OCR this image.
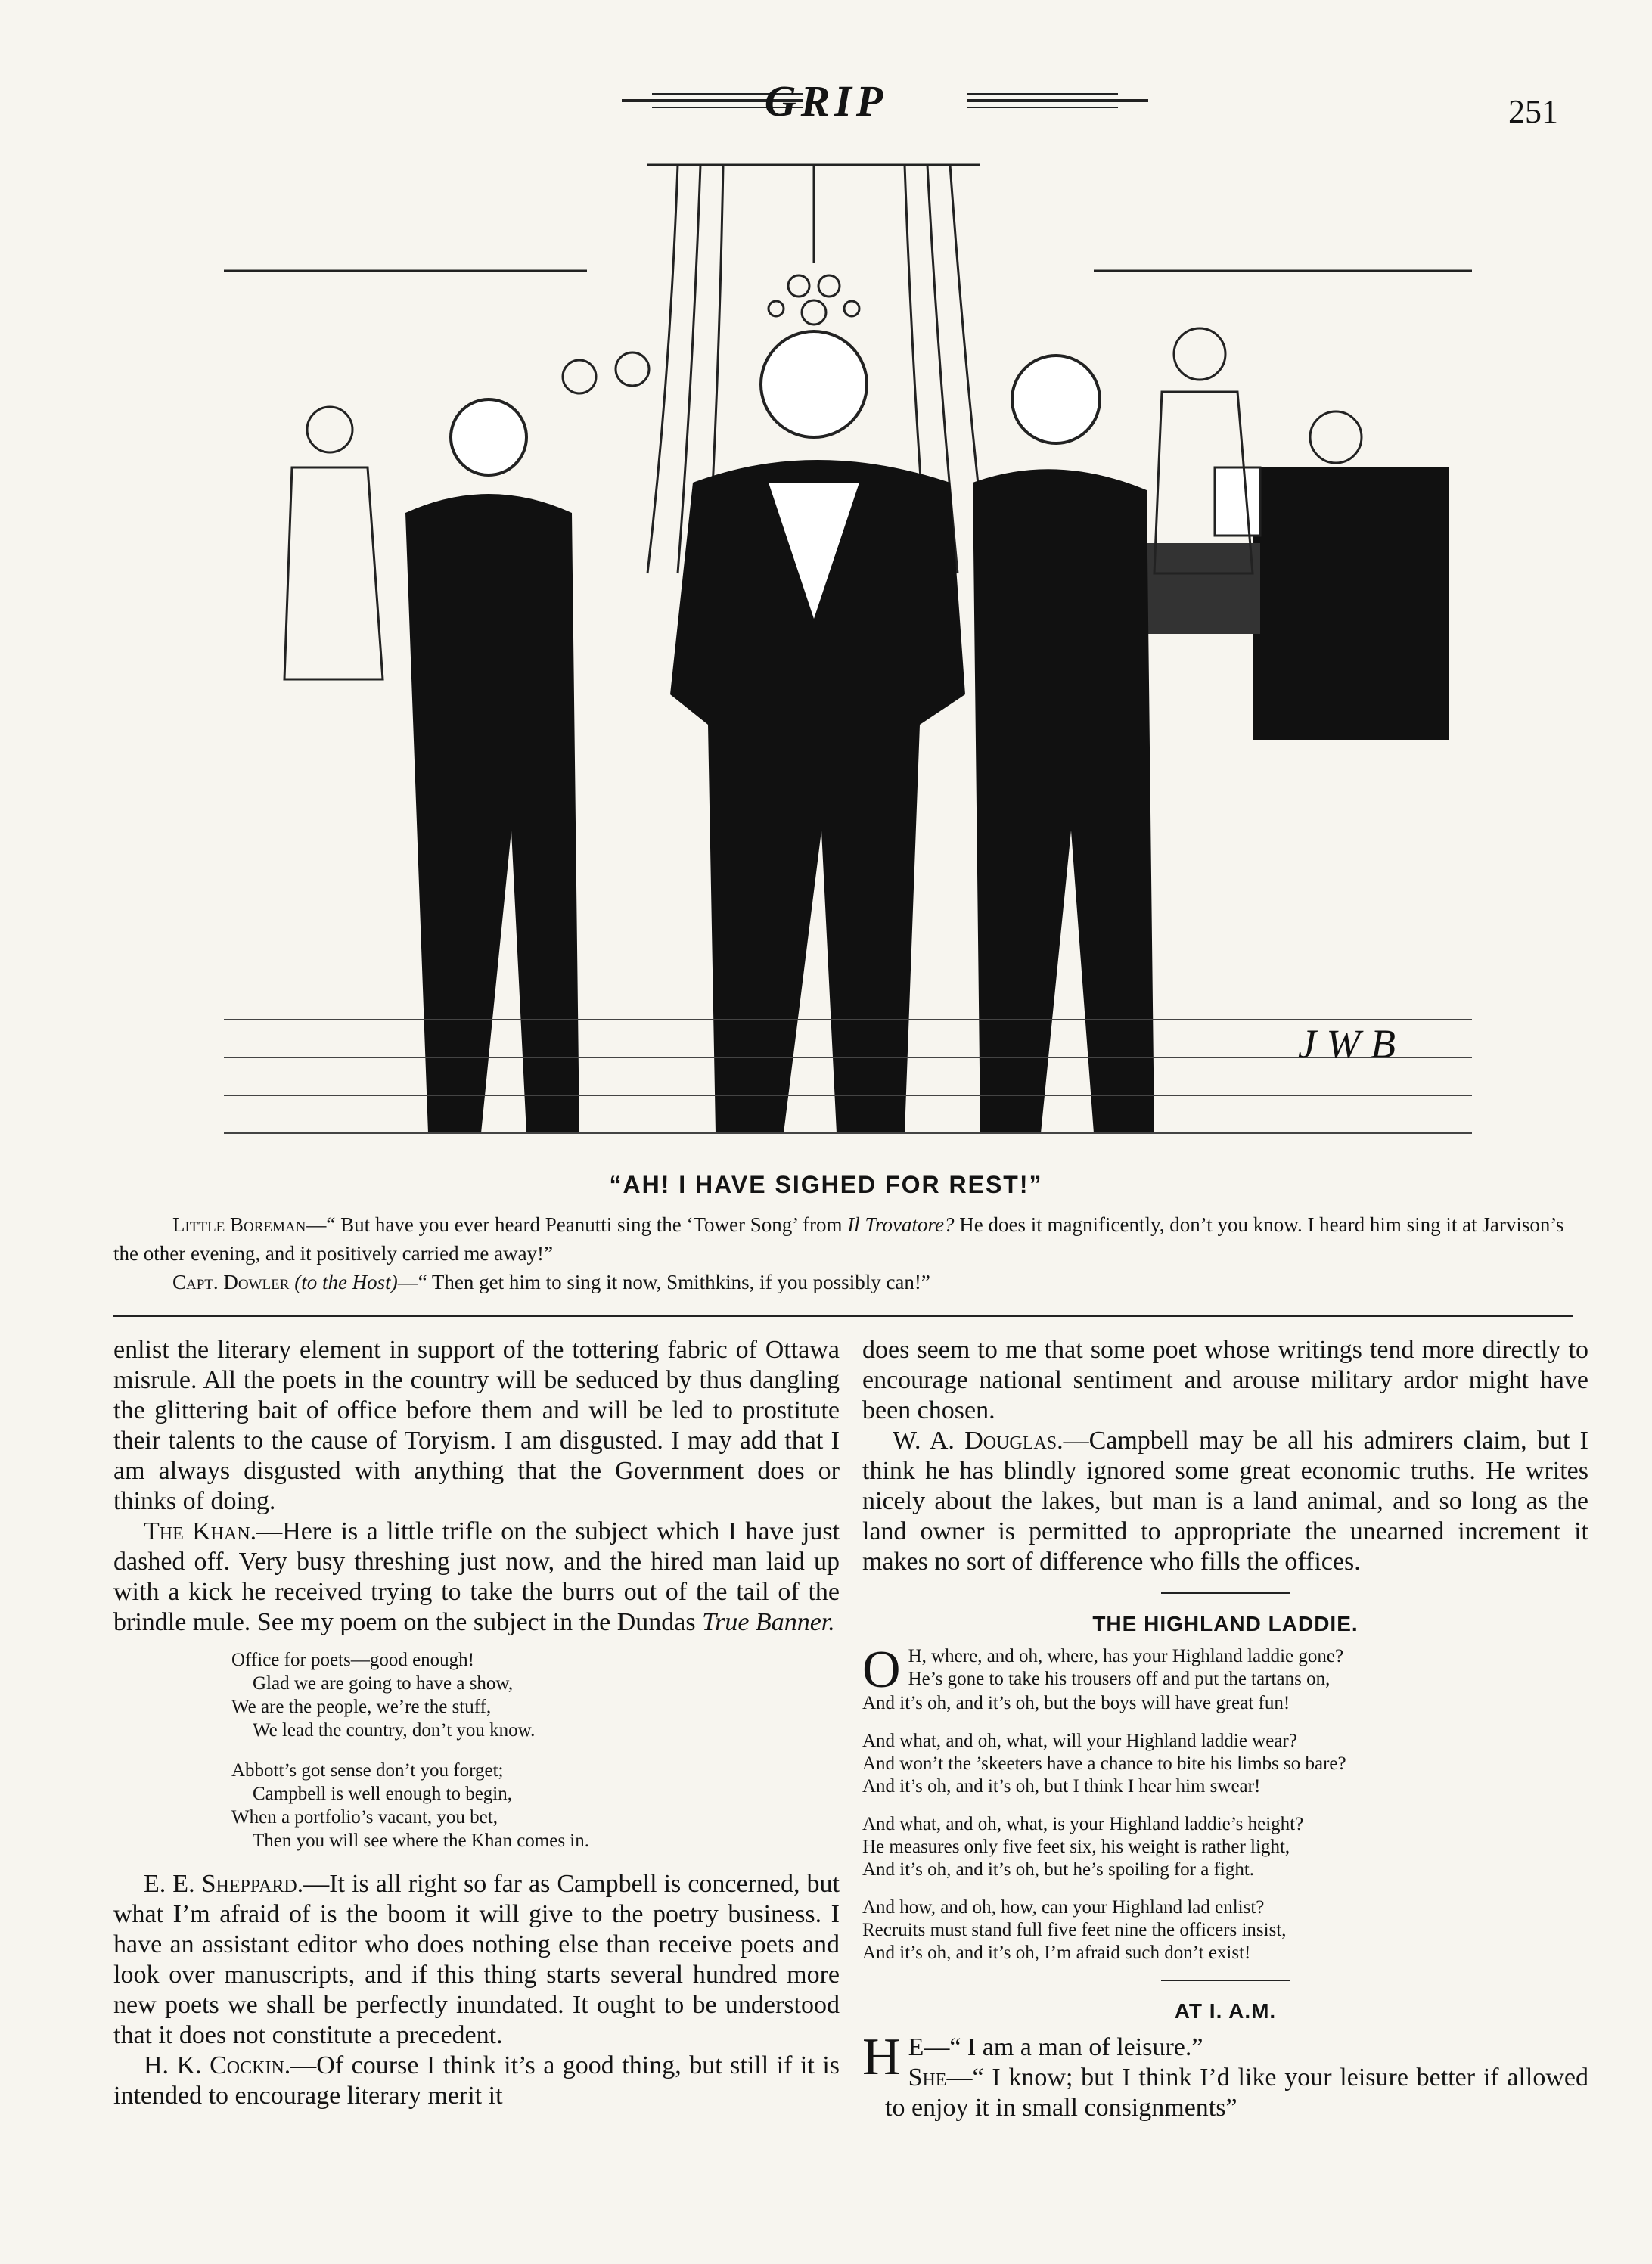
GRIP	251
J W B
“AH! I HAVE SIGHED FOR REST!”

Little Boreman—“ But have you ever heard Peanutti sing the ‘Tower Song’ from Il Trovatore? He does it magnificently, don’t you know. I heard him sing it at Jarvison’s the other evening, and it positively carried me away!”

Capt. Dowler (to the Host)—“ Then get him to sing it now, Smithkins, if you possibly can!”

enlist the literary element in support of the tottering fabric of Ottawa misrule. All the poets in the country will be seduced by thus dangling the glittering bait of office before them and will be led to prostitute their talents to the cause of Toryism. I am disgusted. I may add that I am always disgusted with anything that the Government does or thinks of doing.

The Khan.—Here is a little trifle on the subject which I have just dashed off. Very busy threshing just now, and the hired man laid up with a kick he received trying to take the burrs out of the tail of the brindle mule. See my poem on the subject in the Dundas True Banner.

Office for poets—good enough!
Glad we are going to have a show,
We are the people, we’re the stuff,
We lead the country, don’t you know.
Abbott’s got sense don’t you forget;
Campbell is well enough to begin,
When a portfolio’s vacant, you bet,
Then you will see where the Khan comes in.

E. E. Sheppard.—It is all right so far as Campbell is concerned, but what I’m afraid of is the boom it will give to the poetry business. I have an assistant editor who does nothing else than receive poets and look over manuscripts, and if this thing starts several hundred more new poets we shall be perfectly inundated. It ought to be understood that it does not constitute a precedent.

H. K. Cockin.—Of course I think it’s a good thing, but still if it is intended to encourage literary merit it

does seem to me that some poet whose writings tend more directly to encourage national sentiment and arouse military ardor might have been chosen.

W. A. Douglas.—Campbell may be all his admirers claim, but I think he has blindly ignored some great economic truths. He writes nicely about the lakes, but man is a land animal, and so long as the land owner is permitted to appropriate the unearned increment it makes no sort of difference who fills the offices.

THE HIGHLAND LADDIE.
O H, where, and oh, where, has your Highland laddie gone?
He’s gone to take his trousers off and put the tartans on,
And it’s oh, and it’s oh, but the boys will have great fun!
And what, and oh, what, will your Highland laddie wear?
And won’t the ’skeeters have a chance to bite his limbs so bare?
And it’s oh, and it’s oh, but I think I hear him swear!
And what, and oh, what, is your Highland laddie’s height?
He measures only five feet six, his weight is rather light,
And it’s oh, and it’s oh, but he’s spoiling for a fight.
And how, and oh, how, can your Highland lad enlist?
Recruits must stand full five feet nine the officers insist,
And it’s oh, and it’s oh, I’m afraid such don’t exist!
AT I. A.M.
H E—“ I am a man of leisure.”
She—“ I know; but I think I’d like your leisure better if allowed to enjoy it in small consignments”
